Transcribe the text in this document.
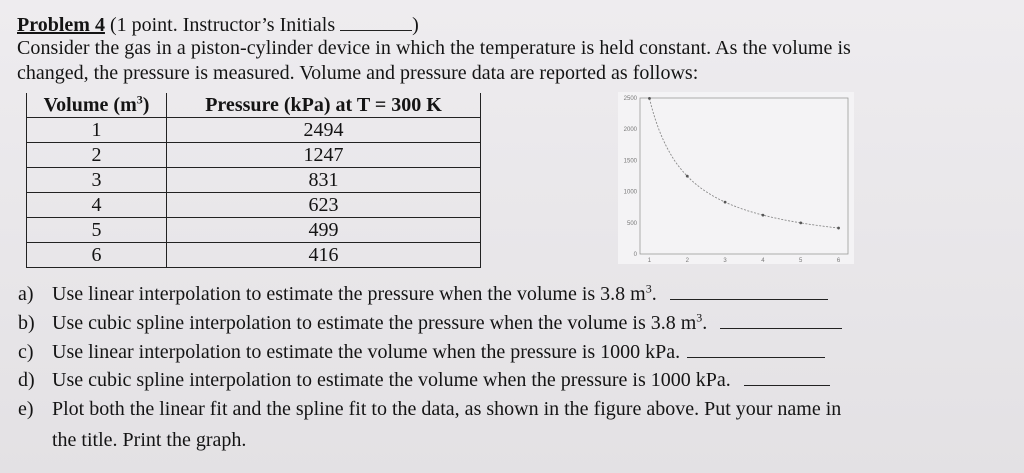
Problem 4 (1 point. Instructor’s Initials	)
Consider the gas in a piston-cylinder device in which the temperature is held constant. As the volume is
changed, the pressure is measured. Volume and pressure data are reported as follows:
Volume $(m^3)$	Pressure (kPa) at T = 300 K
1	2494
2	1247
3	831
4	623
5	499
6	416
2500
2000
1500
1000
500
0
1	2	3	4	5	6
a) Use linear interpolation to estimate the pressure when the volume is 3.8 $m^3$.
b) Use cubic spline interpolation to estimate the pressure when the volume is 3.8 $m^3$.
c) Use linear interpolation to estimate the volume when the pressure is 1000 kPa.
d) Use cubic spline interpolation to estimate the volume when the pressure is 1000 kPa.
e) Plot both the linear fit and the spline fit to the data, as shown in the figure above. Put your name in
the title. Print the graph.
